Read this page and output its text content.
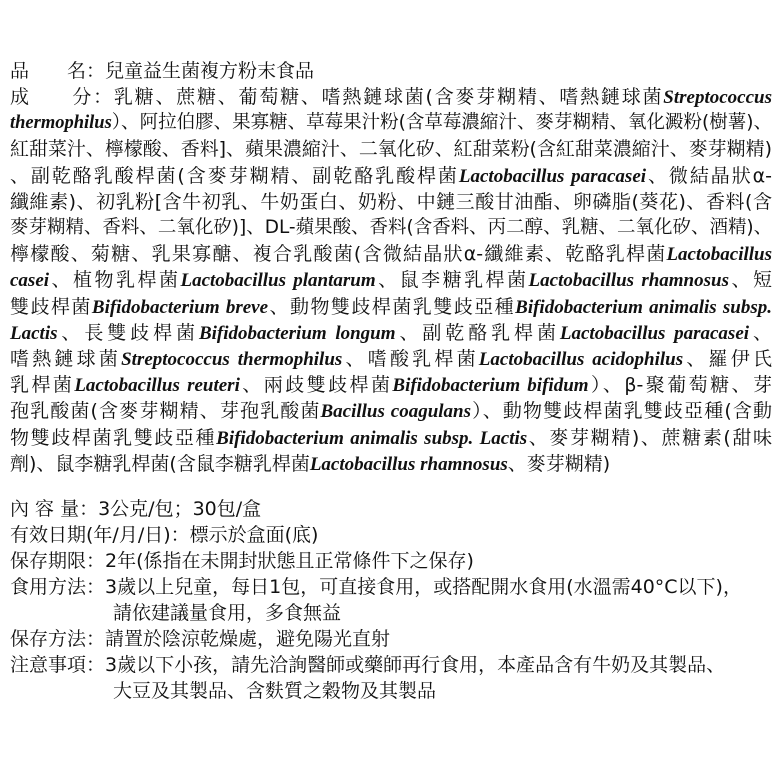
品　　名：兒童益生菌複方粉末食品
成　　分：乳糖、蔗糖、葡萄糖、嗜熱鏈球菌(含麥芽糊精、嗜熱鏈球菌Streptococcus
thermophilus）、阿拉伯膠、果寡糖、草莓果汁粉(含草莓濃縮汁、麥芽糊精、氧化澱粉(樹薯)、
紅甜菜汁、檸檬酸、香料]、蘋果濃縮汁、二氧化矽、紅甜菜粉(含紅甜菜濃縮汁、麥芽糊精)
、副乾酪乳酸桿菌(含麥芽糊精、副乾酪乳酸桿菌Lactobacillus paracasei、微結晶狀α-
纖維素)、初乳粉[含牛初乳、牛奶蛋白、奶粉、中鏈三酸甘油酯、卵磷脂(葵花)、香料(含
麥芽糊精、香料、二氧化矽)]、DL-蘋果酸、香料(含香料、丙二醇、乳糖、二氧化矽、酒精)、
檸檬酸、菊糖、乳果寡醣、複合乳酸菌(含微結晶狀α-纖維素、乾酪乳桿菌Lactobacillus
casei、植物乳桿菌Lactobacillus plantarum、鼠李糖乳桿菌Lactobacillus rhamnosus、短
雙歧桿菌Bifidobacterium breve、動物雙歧桿菌乳雙歧亞種Bifidobacterium animalis subsp.
Lactis、長雙歧桿菌Bifidobacterium longum、副乾酪乳桿菌Lactobacillus paracasei、
嗜熱鏈球菌Streptococcus thermophilus、嗜酸乳桿菌Lactobacillus acidophilus、羅伊氏
乳桿菌Lactobacillus reuteri、兩歧雙歧桿菌Bifidobacterium bifidum）、β-聚葡萄糖、芽
孢乳酸菌(含麥芽糊精、芽孢乳酸菌Bacillus coagulans）、動物雙歧桿菌乳雙歧亞種(含動
物雙歧桿菌乳雙歧亞種Bifidobacterium animalis subsp. Lactis、麥芽糊精)、蔗糖素(甜味
劑)、鼠李糖乳桿菌(含鼠李糖乳桿菌Lactobacillus rhamnosus、麥芽糊精)
內 容 量：3公克/包；30包/盒
有效日期(年/月/日)：標示於盒面(底)
保存期限：2年(係指在未開封狀態且正常條件下之保存)
食用方法：3歲以上兒童，每日1包，可直接食用，或搭配開水食用(水溫需40°C以下)，
請依建議量食用，多食無益
保存方法：請置於陰涼乾燥處，避免陽光直射
注意事項：3歲以下小孩，請先洽詢醫師或藥師再行食用，本產品含有牛奶及其製品、
大豆及其製品、含麩質之穀物及其製品
